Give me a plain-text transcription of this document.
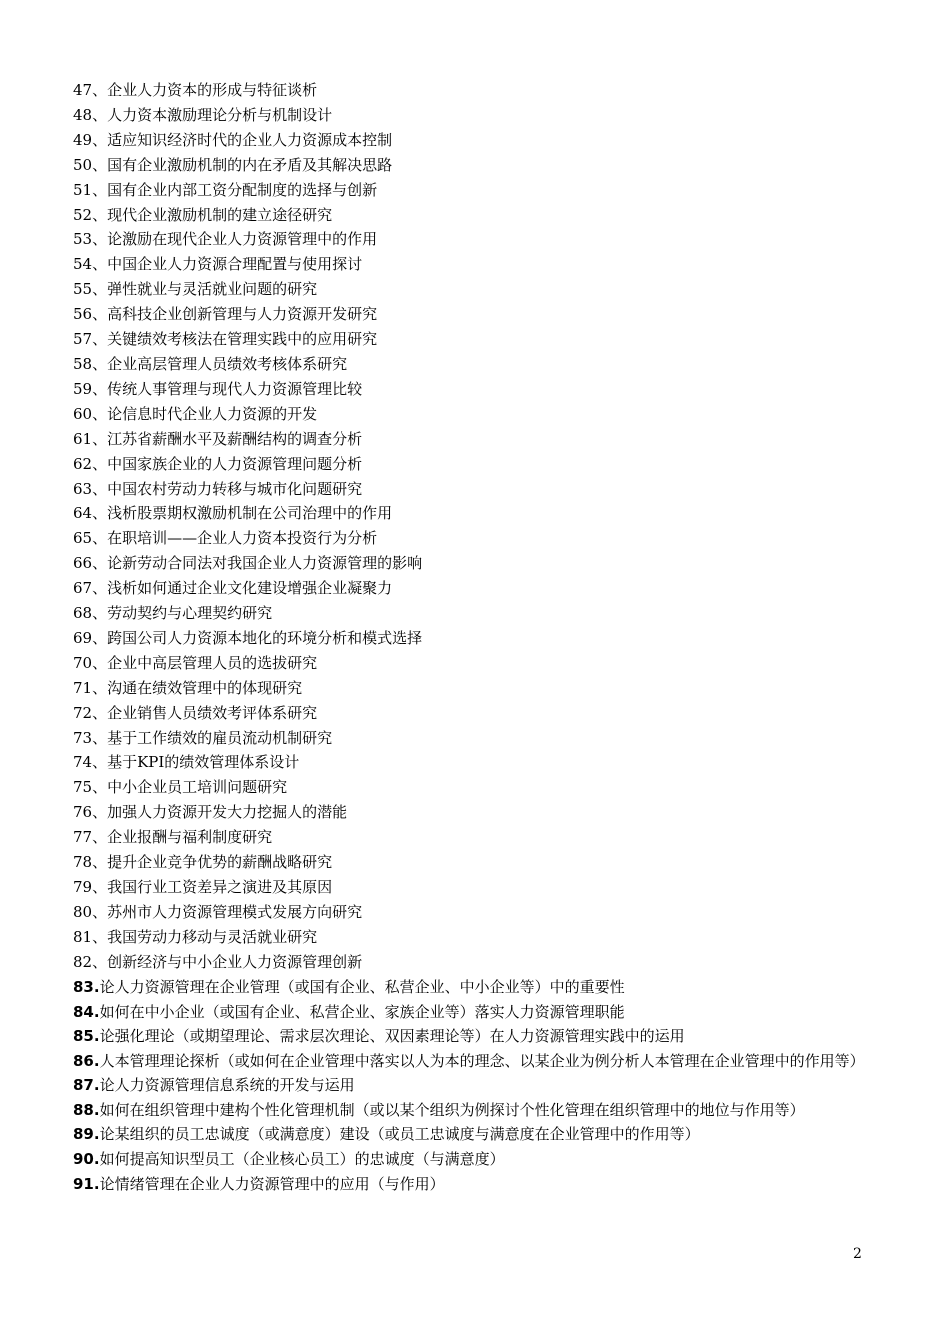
47、企业人力资本的形成与特征谈析
48、人力资本激励理论分析与机制设计
49、适应知识经济时代的企业人力资源成本控制
50、国有企业激励机制的内在矛盾及其解决思路
51、国有企业内部工资分配制度的选择与创新
52、现代企业激励机制的建立途径研究
53、论激励在现代企业人力资源管理中的作用
54、中国企业人力资源合理配置与使用探讨
55、弹性就业与灵活就业问题的研究
56、高科技企业创新管理与人力资源开发研究
57、关键绩效考核法在管理实践中的应用研究
58、企业高层管理人员绩效考核体系研究
59、传统人事管理与现代人力资源管理比较
60、论信息时代企业人力资源的开发
61、江苏省薪酬水平及薪酬结构的调查分析
62、中国家族企业的人力资源管理问题分析
63、中国农村劳动力转移与城市化问题研究
64、浅析股票期权激励机制在公司治理中的作用
65、在职培训——企业人力资本投资行为分析
66、论新劳动合同法对我国企业人力资源管理的影响
67、浅析如何通过企业文化建设增强企业凝聚力
68、劳动契约与心理契约研究
69、跨国公司人力资源本地化的环境分析和模式选择
70、企业中高层管理人员的选拔研究
71、沟通在绩效管理中的体现研究
72、企业销售人员绩效考评体系研究
73、基于工作绩效的雇员流动机制研究
74、基于KPI的绩效管理体系设计
75、中小企业员工培训问题研究
76、加强人力资源开发大力挖掘人的潜能
77、企业报酬与福利制度研究
78、提升企业竞争优势的薪酬战略研究
79、我国行业工资差异之演进及其原因
80、苏州市人力资源管理模式发展方向研究
81、我国劳动力移动与灵活就业研究
82、创新经济与中小企业人力资源管理创新
83.论人力资源管理在企业管理（或国有企业、私营企业、中小企业等）中的重要性
84.如何在中小企业（或国有企业、私营企业、家族企业等）落实人力资源管理职能
85.论强化理论（或期望理论、需求层次理论、双因素理论等）在人力资源管理实践中的运用
86.人本管理理论探析（或如何在企业管理中落实以人为本的理念、以某企业为例分析人本管理在企业管理中的作用等）
87.论人力资源管理信息系统的开发与运用
88.如何在组织管理中建构个性化管理机制（或以某个组织为例探讨个性化管理在组织管理中的地位与作用等）
89.论某组织的员工忠诚度（或满意度）建设（或员工忠诚度与满意度在企业管理中的作用等）
90.如何提高知识型员工（企业核心员工）的忠诚度（与满意度）
91.论情绪管理在企业人力资源管理中的应用（与作用）
2
